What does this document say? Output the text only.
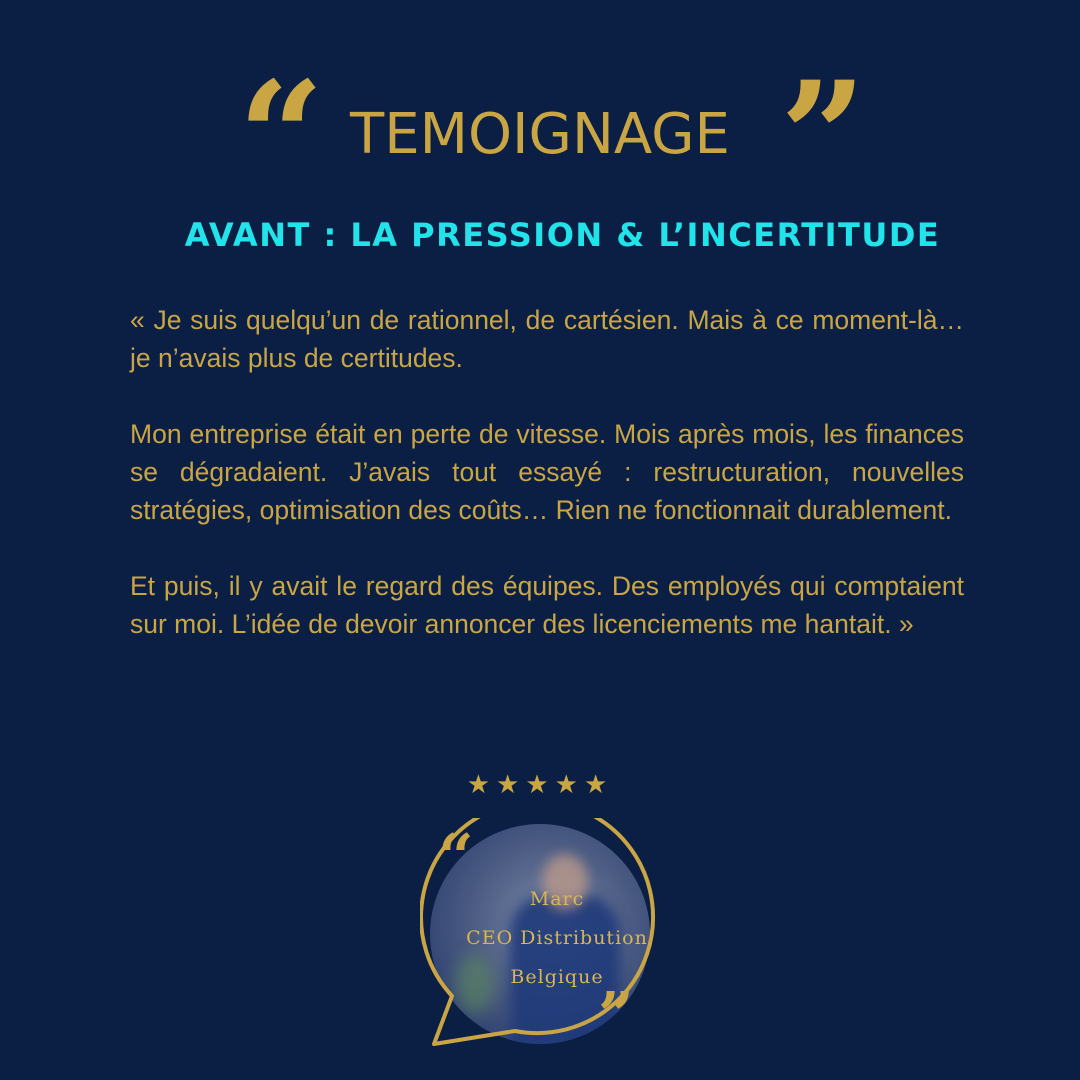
“	”
TEMOIGNAGE
AVANT : LA PRESSION & L’INCERTITUDE

« Je suis quelqu’un de rationnel, de cartésien. Mais à ce moment-là… je n’avais plus de certitudes.

Mon entreprise était en perte de vitesse. Mois après mois, les finances se dégradaient. J’avais tout essayé : restructuration, nouvelles stratégies, optimisation des coûts… Rien ne fonctionnait durablement.

Et puis, il y avait le regard des équipes. Des employés qui comptaient sur moi. L’idée de devoir annoncer des licenciements me hantait. »

★★★★★
“
Marc
CEO Distribution
Belgique
”
